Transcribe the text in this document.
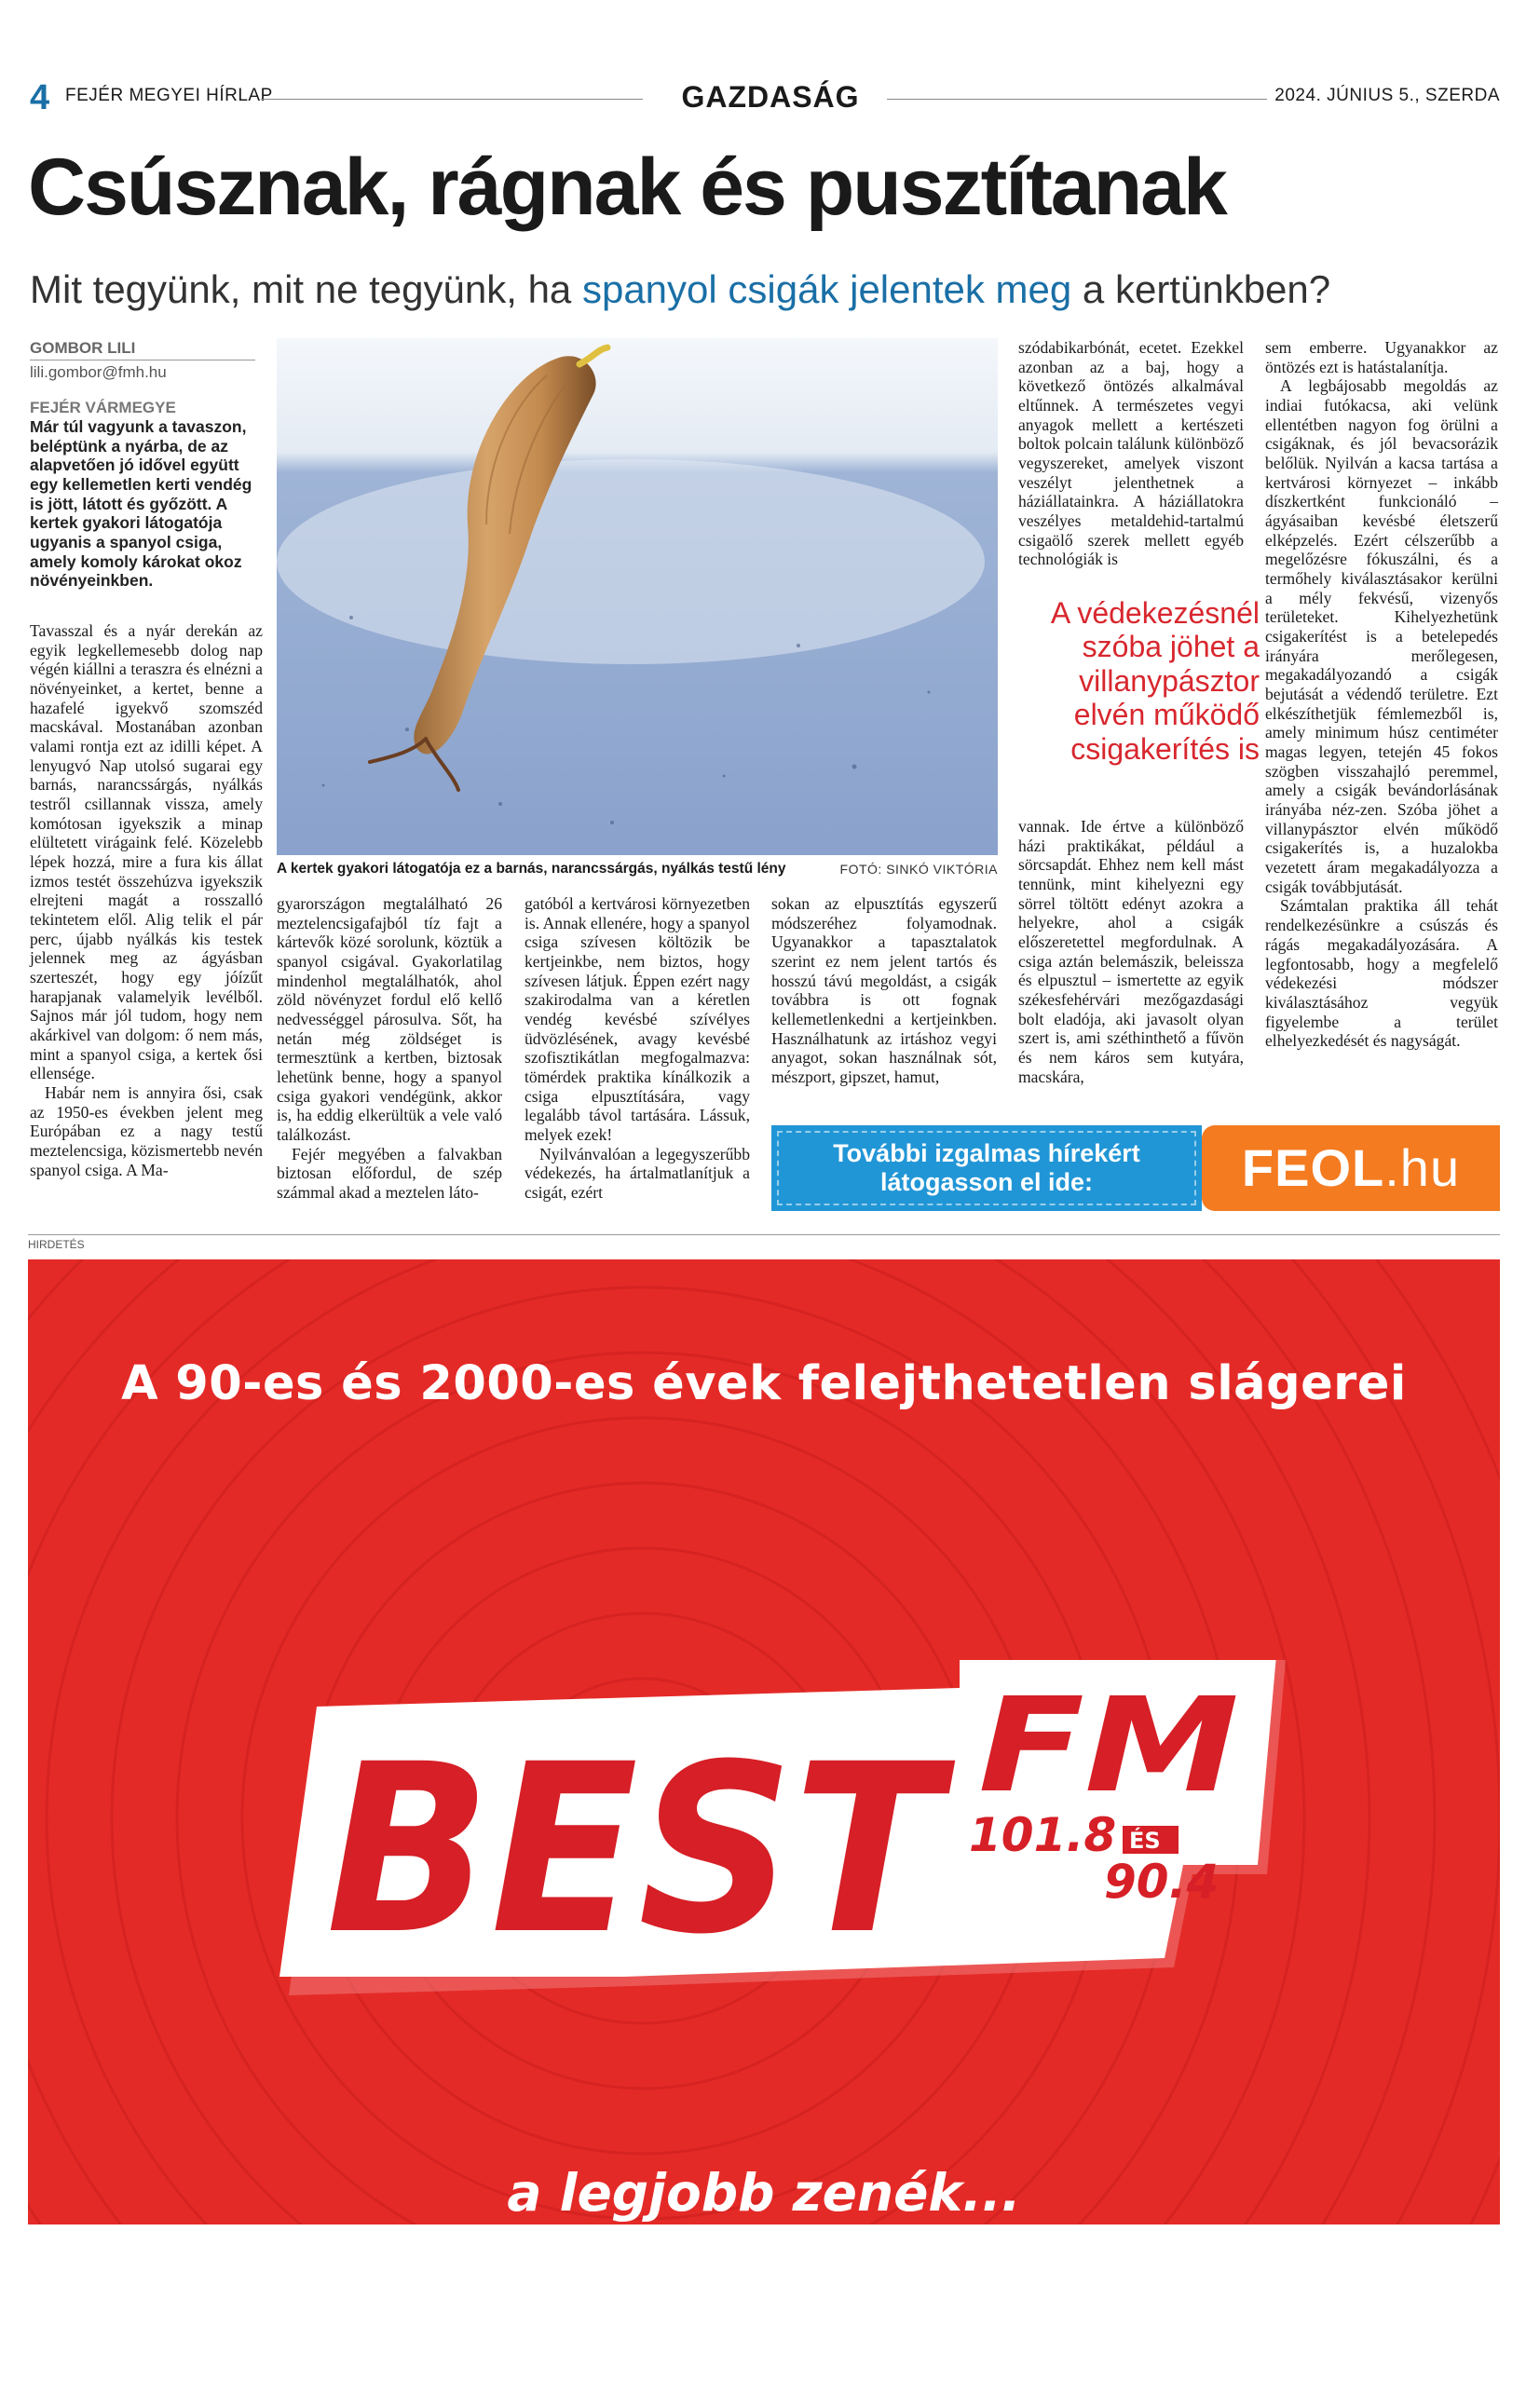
4 FEJÉR MEGYEI HÍRLAP	GAZDASÁG	2024. JÚNIUS 5., SZERDA
Csúsznak, rágnak és pusztítanak
Mit tegyünk, mit ne tegyünk, ha spanyol csigák jelentek meg a kertünkben?
GOMBOR LILI
lili.gombor@fmh.hu
FEJÉR VÁRMEGYE
Már túl vagyunk a tavaszon, beléptünk a nyárba, de az alapvetően jó idővel együtt egy kellemetlen kerti vendég is jött, látott és győzött. A kertek gyakori látogatója ugyanis a spanyol csiga, amely komoly károkat okoz növényeinkben.

Tavasszal és a nyár derekán az egyik legkellemesebb dolog nap végén kiállni a teraszra és elnézni a növényeinket, a kertet, benne a hazafelé igyekvő szomszéd macskával. Mostanában azonban valami rontja ezt az idilli képet. A lenyugvó Nap utolsó sugarai egy barnás, narancssárgás, nyálkás testről csillannak vissza, amely komótosan igyekszik a minap elültetett virágaink felé. Közelebb lépek hozzá, mire a fura kis állat izmos testét összehúzva igyekszik elrejteni magát a rosszalló tekintetem elől. Alig telik el pár perc, újabb nyálkás kis testek jelennek meg az ágyásban szerteszét, hogy egy jóízűt harapjanak valamelyik levélből. Sajnos már jól tudom, hogy nem akárkivel van dolgom: ő nem más, mint a spanyol csiga, a kertek ősi ellensége.

Habár nem is annyira ősi, csak az 1950-es években jelent meg Európában ez a nagy testű meztelencsiga, közismertebb nevén spanyol csiga. A Ma-

A kertek gyakori látogatója ez a barnás, narancssárgás, nyálkás testű lény	FOTÓ: SINKÓ VIKTÓRIA

gyarországon megtalálható 26 meztelencsigafajból tíz fajt a kártevők közé sorolunk, köztük a spanyol csigával. Gyakorlatilag mindenhol megtalálhatók, ahol zöld növényzet fordul elő kellő nedvességgel párosulva. Sőt, ha netán még zöldséget is termesztünk a kertben, biztosak lehetünk benne, hogy a spanyol csiga gyakori vendégünk, akkor is, ha eddig elkerültük a vele való találkozást.

Fejér megyében a falvakban biztosan előfordul, de szép számmal akad a meztelen láto-

gatóból a kertvárosi környezetben is. Annak ellenére, hogy a spanyol csiga szívesen költözik be kertjeinkbe, nem biztos, hogy szívesen látjuk. Éppen ezért nagy szakirodalma van a kéretlen vendég kevésbé szívélyes üdvözlésének, avagy kevésbé szofisztikátlan megfogalmazva: tömérdek praktika kínálkozik a csiga elpusztítására, vagy legalább távol tartására. Lássuk, melyek ezek!

Nyilvánvalóan a legegyszerűbb védekezés, ha ártalmatlanítjuk a csigát, ezért

sokan az elpusztítás egyszerű módszeréhez folyamodnak. Ugyanakkor a tapasztalatok szerint ez nem jelent tartós és hosszú távú megoldást, a csigák továbbra is ott fognak kellemetlenkedni a kertjeinkben. Használhatunk az irtáshoz vegyi anyagot, sokan használnak sót, mészport, gipszet, hamut,

szódabikarbónát, ecetet. Ezekkel azonban az a baj, hogy a következő öntözés alkalmával eltűnnek. A természetes vegyi anyagok mellett a kertészeti boltok polcain találunk különböző vegyszereket, amelyek viszont veszélyt jelenthetnek a háziállatainkra. A háziállatokra veszélyes metaldehid-tartalmú csigaölő szerek mellett egyéb technológiák is

A védekezésnél szóba jöhet a villanypásztor elvén működő csigakerítés is

vannak. Ide értve a különböző házi praktikákat, például a sörcsapdát. Ehhez nem kell mást tennünk, mint kihelyezni egy sörrel töltött edényt azokra a helyekre, ahol a csigák előszeretettel megfordulnak. A csiga aztán belemászik, beleissza és elpusztul – ismertette az egyik székesfehérvári mezőgazdasági bolt eladója, aki javasolt olyan szert is, ami széthinthető a fűvön és nem káros sem kutyára, macskára,

sem emberre. Ugyanakkor az öntözés ezt is hatástalanítja.

A legbájosabb megoldás az indiai futókacsa, aki velünk ellentétben nagyon fog örülni a csigáknak, és jól bevacsorázik belőlük. Nyilván a kacsa tartása a kertvárosi környezet – inkább díszkertként funkcionáló – ágyásaiban kevésbé életszerű elképzelés. Ezért célszerűbb a megelőzésre fókuszálni, és a termőhely kiválasztásakor kerülni a mély fekvésű, vizenyős területeket. Kihelyezhetünk csigakerítést is a betelepedés irányára merőlegesen, megakadályozandó a csigák bejutását a védendő területre. Ezt elkészíthetjük fémlemezből is, amely minimum húsz centiméter magas legyen, tetején 45 fokos szögben visszahajló peremmel, amely a csigák bevándorlásának irányába néz-zen. Szóba jöhet a villanypásztor elvén működő csigakerítés is, a huzalokba vezetett áram megakadályozza a csigák továbbjutását.

Számtalan praktika áll tehát rendelkezésünkre a csúszás és rágás megakadályozására. A legfontosabb, hogy a megfelelő védekezési módszer kiválasztásához vegyük figyelembe a terület elhelyezkedését és nagyságát.

További izgalmas hírekért
látogasson el ide:	FEOL.hu
HIRDETÉS
A 90-es és 2000-es évek felejthetetlen slágerei
BEST FM
101.8 ÉS
90.4
a legjobb zenék...
